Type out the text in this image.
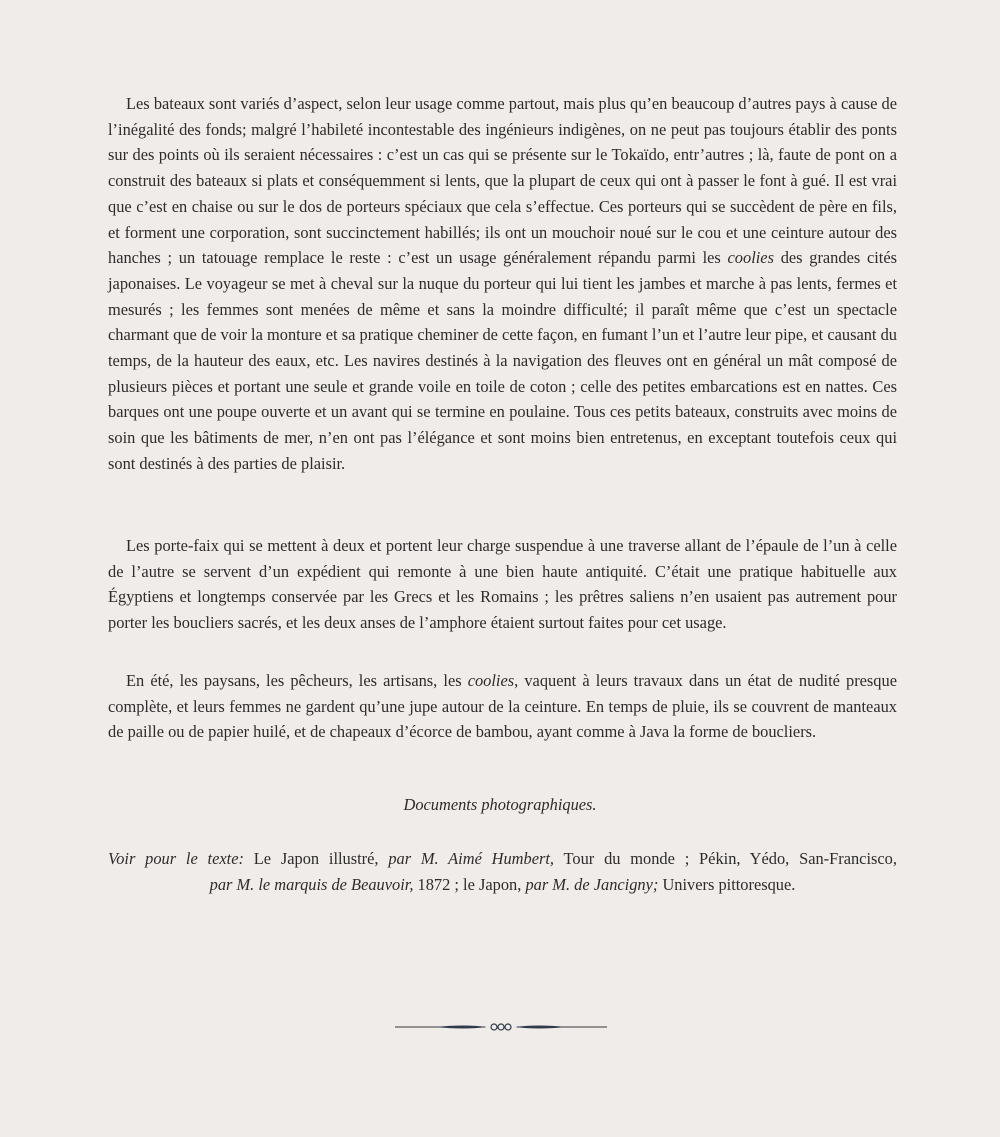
Les bateaux sont variés d’aspect, selon leur usage comme partout, mais plus qu’en beaucoup d’autres pays à cause de l’inégalité des fonds; malgré l’habileté incontestable des ingénieurs indigènes, on ne peut pas toujours établir des ponts sur des points où ils seraient nécessaires : c’est un cas qui se présente sur le Tokaïdo, entr’autres ; là, faute de pont on a construit des bateaux si plats et conséquemment si lents, que la plupart de ceux qui ont à passer le font à gué. Il est vrai que c’est en chaise ou sur le dos de porteurs spéciaux que cela s’effectue. Ces porteurs qui se succèdent de père en fils, et forment une corporation, sont succinctement habillés; ils ont un mouchoir noué sur le cou et une ceinture autour des hanches ; un tatouage remplace le reste : c’est un usage généralement répandu parmi les coolies des grandes cités japonaises. Le voyageur se met à cheval sur la nuque du porteur qui lui tient les jambes et marche à pas lents, fermes et mesurés ; les femmes sont menées de même et sans la moindre difficulté; il paraît même que c’est un spectacle charmant que de voir la monture et sa pratique cheminer de cette façon, en fumant l’un et l’autre leur pipe, et causant du temps, de la hauteur des eaux, etc. Les navires destinés à la navigation des fleuves ont en général un mât composé de plusieurs pièces et portant une seule et grande voile en toile de coton ; celle des petites embarcations est en nattes. Ces barques ont une poupe ouverte et un avant qui se termine en poulaine. Tous ces petits bateaux, construits avec moins de soin que les bâtiments de mer, n’en ont pas l’élégance et sont moins bien entretenus, en exceptant toutefois ceux qui sont destinés à des parties de plaisir.

Les porte-faix qui se mettent à deux et portent leur charge suspendue à une traverse allant de l’épaule de l’un à celle de l’autre se servent d’un expédient qui remonte à une bien haute antiquité. C’était une pratique habituelle aux Égyptiens et longtemps conservée par les Grecs et les Romains ; les prêtres saliens n’en usaient pas autrement pour porter les boucliers sacrés, et les deux anses de l’amphore étaient surtout faites pour cet usage.

En été, les paysans, les pêcheurs, les artisans, les coolies, vaquent à leurs travaux dans un état de nudité presque complète, et leurs femmes ne gardent qu’une jupe autour de la ceinture. En temps de pluie, ils se couvrent de manteaux de paille ou de papier huilé, et de chapeaux d’écorce de bambou, ayant comme à Java la forme de boucliers.

Documents photographiques.
Voir pour le texte: Le Japon illustré, par M. Aimé Humbert, Tour du monde ; Pékin, Yédo, San-Francisco,
par M. le marquis de Beauvoir, 1872 ; le Japon, par M. de Jancigny; Univers pittoresque.
